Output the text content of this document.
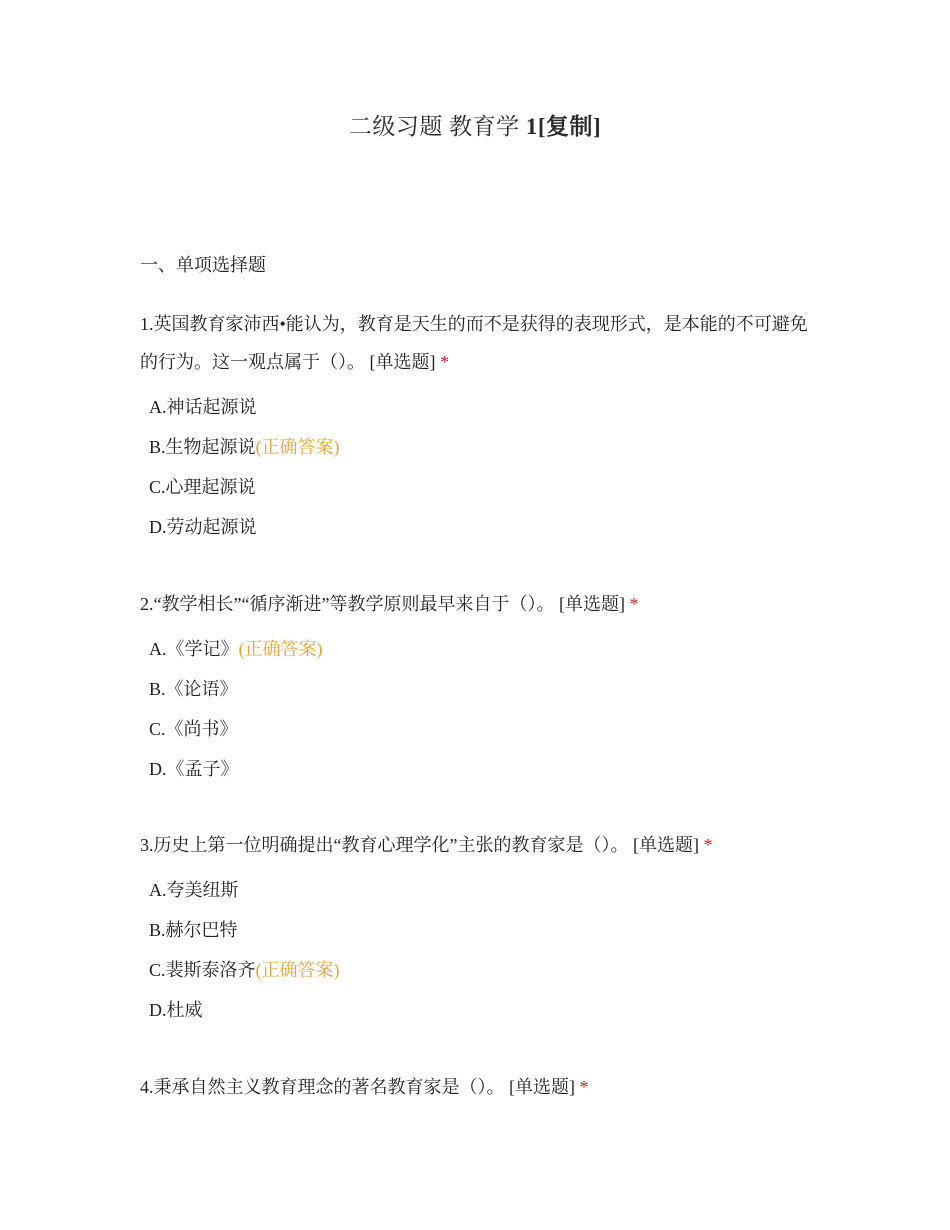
二级习题 教育学 1[复制]
一、单项选择题
1.英国教育家沛西•能认为，教育是天生的而不是获得的表现形式，是本能的不可避免的行为。这一观点属于（）。 [单选题] *
A.神话起源说
B.生物起源说(正确答案)
C.心理起源说
D.劳动起源说
2.“教学相长”“循序渐进”等教学原则最早来自于（）。 [单选题] *
A.《学记》(正确答案)
B.《论语》
C.《尚书》
D.《孟子》
3.历史上第一位明确提出“教育心理学化”主张的教育家是（）。 [单选题] *
A.夸美纽斯
B.赫尔巴特
C.裴斯泰洛齐(正确答案)
D.杜威
4.秉承自然主义教育理念的著名教育家是（）。 [单选题] *
